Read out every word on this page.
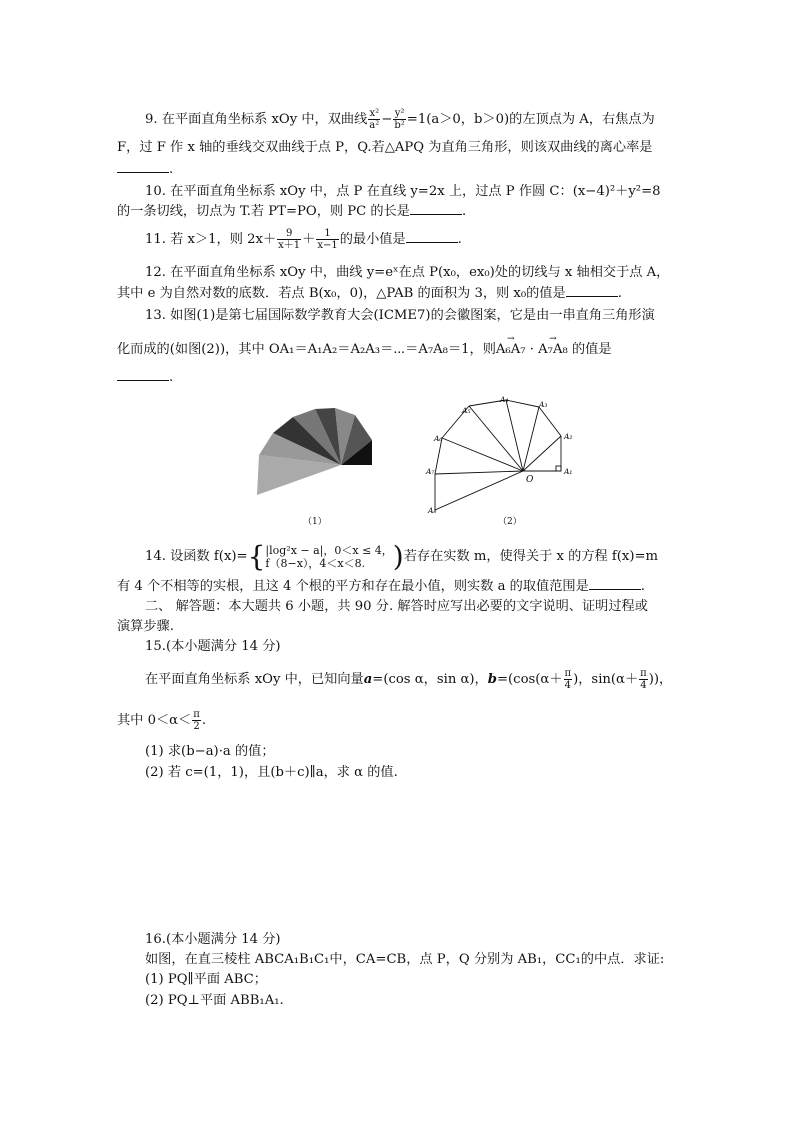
9. 在平面直角坐标系 xOy 中，双曲线 $\frac{\text{x²}}{\text{a²}} - \frac{\text{y²}}{\text{b²}} =1(a>0$，b＞0)的左顶点为 A，右焦点为
F，过 F 作 x 轴的垂线交双曲线于点 P，Q.若△APQ 为直角三角形，则该双曲线的离心率是
.
10. 在平面直角坐标系 xOy 中，点 P 在直线 y=2x 上，过点 P 作圆 C：(x−4)²＋y²=8
的一条切线，切点为 T.若 PT=PO，则 PC 的长是	.
11. 若 x＞1，则 $2x+ \frac{9}{x+1} + \frac{1}{x-1}$ 的最小值是	.
12. 在平面直角坐标系 xOy 中，曲线 y=eˣ在点 P(x₀，ex₀)处的切线与 x 轴相交于点 A，
其中 e 为自然对数的底数．若点 B(x₀，0)，△PAB 的面积为 3，则 x₀的值是	.
13. 如图(1)是第七届国际数学教育大会(ICME7)的会徽图案，它是由一串直角三角形演
化而成的(如图(2))，其中 OA₁＝A₁A₂＝A₂A₃＝⋯＝A₇A₈＝1，则→ A₆A₇ · → A₇A₈ 的值是
.
（1）
O
A₁
A₂
A₃
A₄
A₅
A₆
A₇
A₈
（2）
14. 设函数 f(x)={|log²x − a|，0＜x ≤ 4，
f（8−x），4＜x＜8. )若存在实数 m，使得关于 x 的方程 f(x)=m
有 4 个不相等的实根，且这 4 个根的平方和存在最小值，则实数 a 的取值范围是	.
二、 解答题：本大题共 6 小题，共 90 分. 解答时应写出必要的文字说明、证明过程或
演算步骤.
15.(本小题满分 14 分)
在平面直角坐标系 xOy 中，已知向量a=(cos α，sin α)，$b=(\cos(\alpha+ \frac{\pi}{4}$ )，$\sin(\alpha+ \frac{\pi}{4}$ ))，
其中 $0<\alpha< \frac{\pi}{2}$ .
(1) 求(b−a)·a 的值；
(2) 若 c=(1，1)，且(b＋c)∥a，求 α 的值.
16.(本小题满分 14 分)
如图，在直三棱柱 ABCA₁B₁C₁中，CA=CB，点 P，Q 分别为 AB₁，CC₁的中点．求证:
(1) PQ∥平面 ABC；
(2) PQ⊥平面 ABB₁A₁.
